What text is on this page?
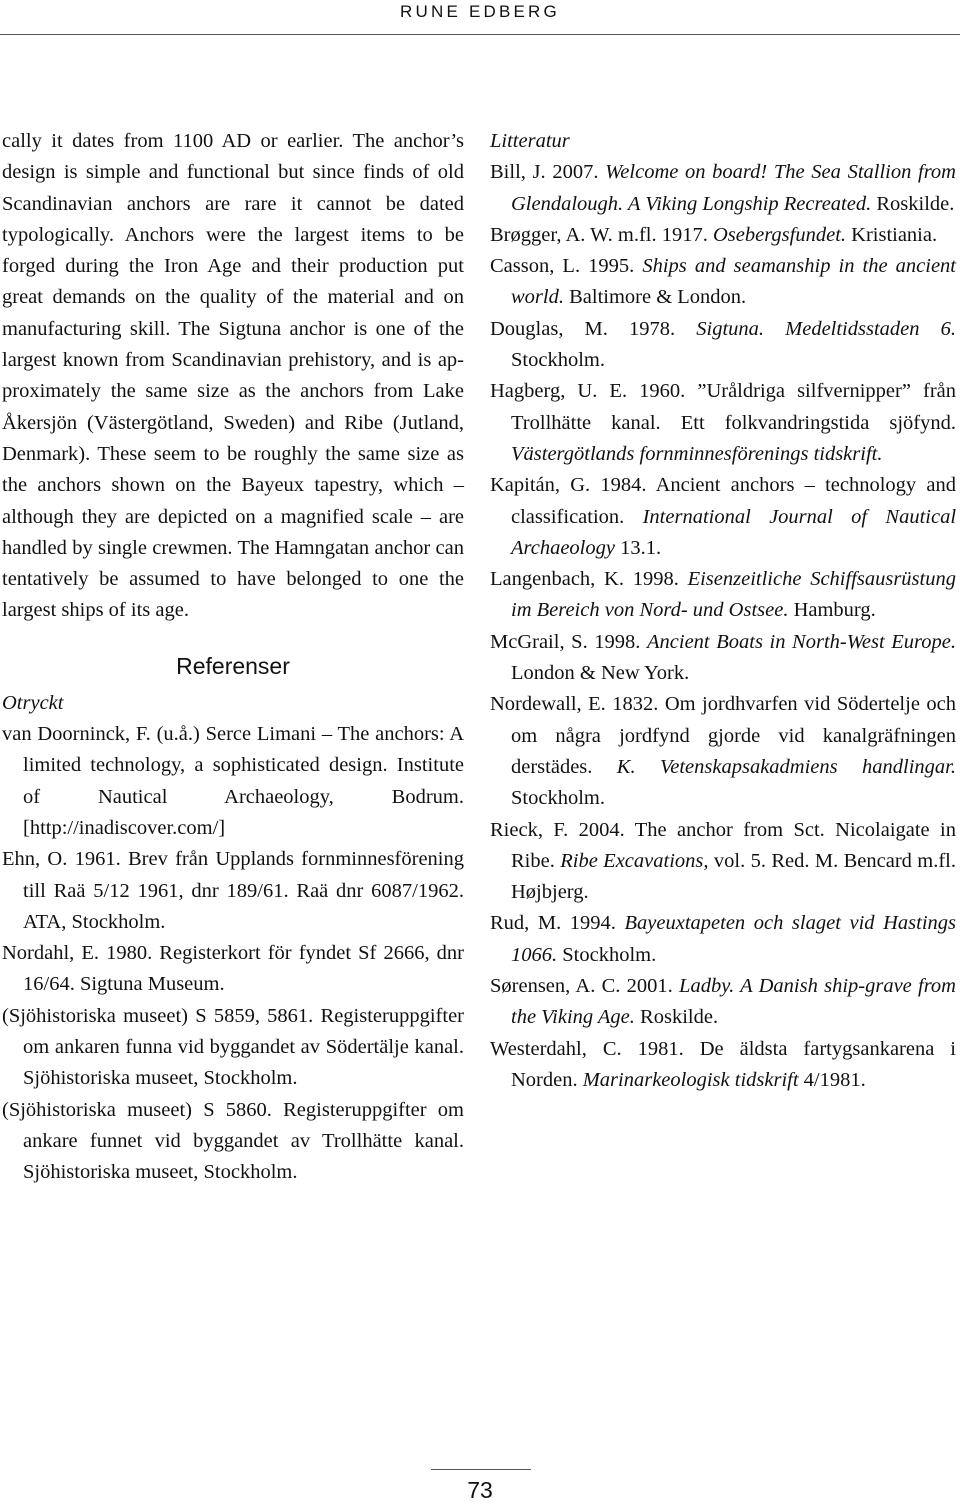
RUNE EDBERG

cally it dates from 1100 AD or earlier. The anchor’s design is simple and functional but since finds of old Scandinavian anchors are rare it cannot be dated typologically. Anchors were the largest items to be forged during the Iron Age and their production put great demands on the quality of the material and on manufacturing skill. The Sigtuna anchor is one of the largest known from Scandinavian prehistory, and is approximately the same size as the anchors from Lake Åkersjön (Västergötland, Sweden) and Ribe (Jutland, Denmark). These seem to be roughly the same size as the anchors shown on the Bayeux tapestry, which – although they are depicted on a magnified scale – are handled by single crewmen. The Hamngatan anchor can tentatively be assumed to have belonged to one the largest ships of its age.

Referenser

Otryckt

van Doorninck, F. (u.å.) Serce Limani – The anchors: A limited technology, a sophisticated design. Institute of Nautical Archaeology, Bodrum. [http://inadiscover.com/]

Ehn, O. 1961. Brev från Upplands fornminnesförening till Raä 5/12 1961, dnr 189/61. Raä dnr 6087/1962. ATA, Stockholm.

Nordahl, E. 1980. Registerkort för fyndet Sf 2666, dnr 16/64. Sigtuna Museum.

(Sjöhistoriska museet) S 5859, 5861. Registeruppgifter om ankaren funna vid byggandet av Södertälje kanal. Sjöhistoriska museet, Stockholm.

(Sjöhistoriska museet) S 5860. Registeruppgifter om ankare funnet vid byggandet av Trollhätte kanal. Sjöhistoriska museet, Stockholm.

Litteratur

Bill, J. 2007. Welcome on board! The Sea Stallion from Glendalough. A Viking Longship Recreated. Roskilde.

Brøgger, A. W. m.fl. 1917. Osebergsfundet. Kristiania.

Casson, L. 1995. Ships and seamanship in the ancient world. Baltimore & London.

Douglas, M. 1978. Sigtuna. Medeltidsstaden 6. Stockholm.

Hagberg, U. E. 1960. ”Uråldriga silfvernipper” från Trollhätte kanal. Ett folkvandringstida sjöfynd. Västergötlands fornminnesförenings tidskrift.

Kapitán, G. 1984. Ancient anchors – technology and classification. International Journal of Nautical Archaeology 13.1.

Langenbach, K. 1998. Eisenzeitliche Schiffsausrüstung im Bereich von Nord- und Ostsee. Hamburg.

McGrail, S. 1998. Ancient Boats in North-West Europe. London & New York.

Nordewall, E. 1832. Om jordhvarfen vid Södertelje och om några jordfynd gjorde vid kanalgräfningen derstädes. K. Vetenskapsakadmiens handlingar. Stockholm.

Rieck, F. 2004. The anchor from Sct. Nicolaigate in Ribe. Ribe Excavations, vol. 5. Red. M. Bencard m.fl. Højbjerg.

Rud, M. 1994. Bayeuxtapeten och slaget vid Hastings 1066. Stockholm.

Sørensen, A. C. 2001. Ladby. A Danish ship-grave from the Viking Age. Roskilde.

Westerdahl, C. 1981. De äldsta fartygsankarena i Norden. Marinarkeologisk tidskrift 4/1981.

73
